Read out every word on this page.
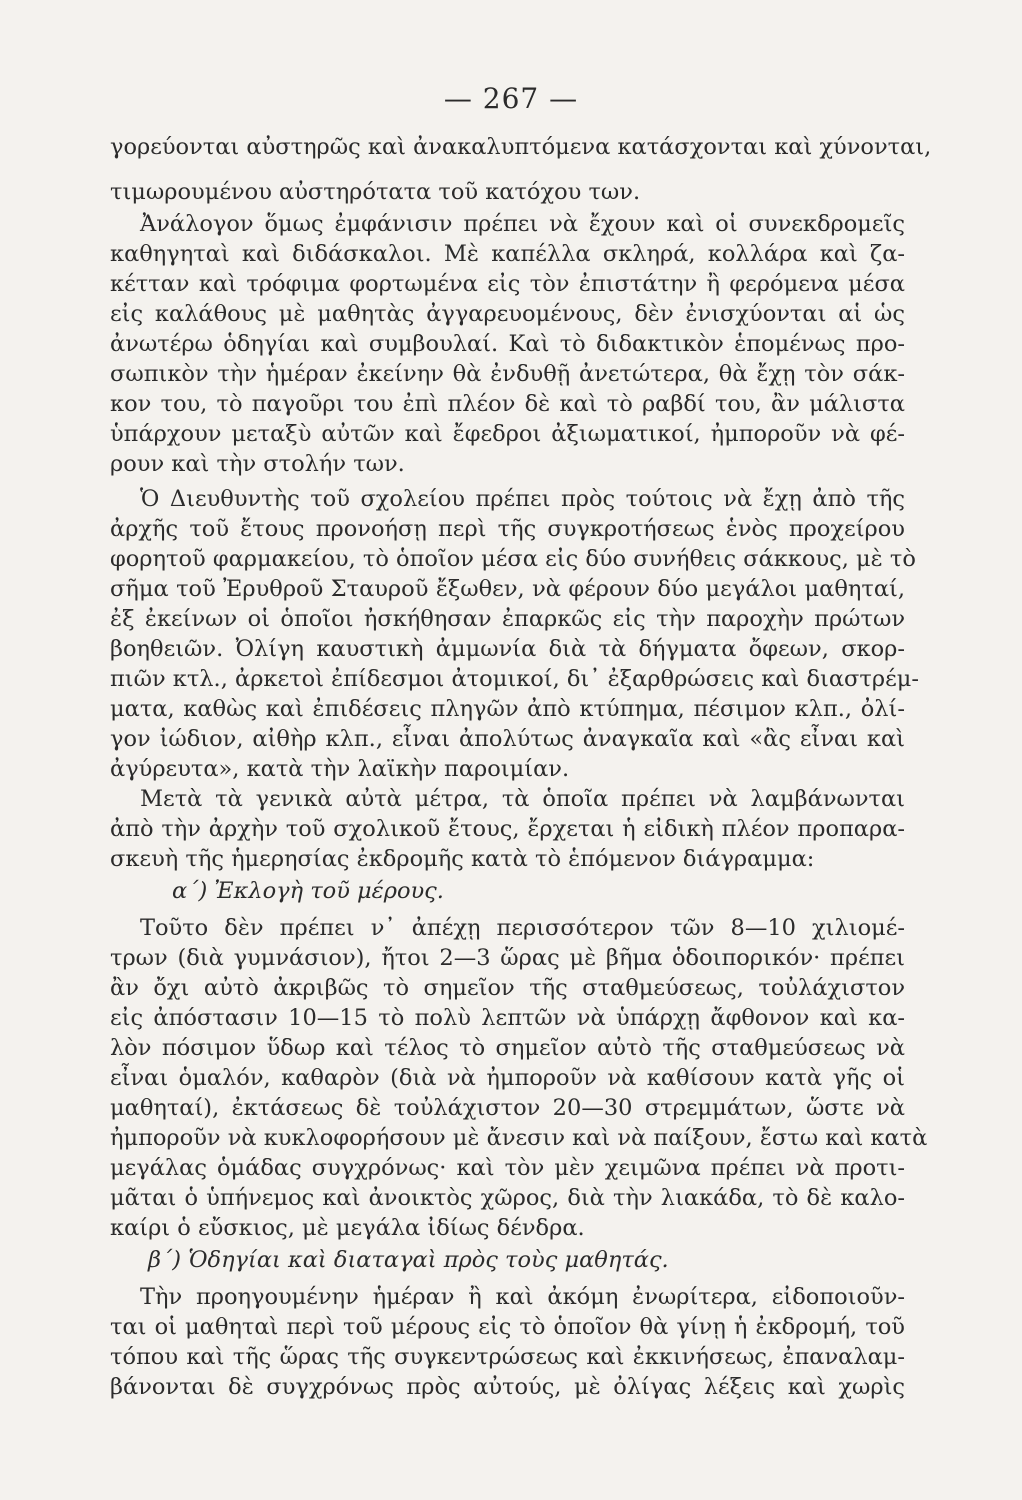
— 267 —
γορεύονται αὐστηρῶς καὶ ἀνακαλυπτόμενα κατάσχονται καὶ χύνονται,
τιμωρουμένου αὐστηρότατα τοῦ κατόχου των.
Ἀνάλογον ὅμως ἐμφάνισιν πρέπει νὰ ἔχουν καὶ οἱ συνεκδρομεῖς
καθηγηταὶ καὶ διδάσκαλοι. Μὲ καπέλλα σκληρά, κολλάρα καὶ ζα-
κέτταν καὶ τρόφιμα φορτωμένα εἰς τὸν ἐπιστάτην ἢ φερόμενα μέσα
εἰς καλάθους μὲ μαθητὰς ἀγγαρευομένους, δὲν ἐνισχύονται αἱ ὡς
ἀνωτέρω ὁδηγίαι καὶ συμβουλαί. Καὶ τὸ διδακτικὸν ἑπομένως προ-
σωπικὸν τὴν ἡμέραν ἐκείνην θὰ ἐνδυθῇ ἀνετώτερα, θὰ ἔχῃ τὸν σάκ-
κον του, τὸ παγοῦρι του ἐπὶ πλέον δὲ καὶ τὸ ραβδί του, ἂν μάλιστα
ὑπάρχουν μεταξὺ αὐτῶν καὶ ἔφεδροι ἀξιωματικοί, ἠμποροῦν νὰ φέ-
ρουν καὶ τὴν στολήν των.
Ὁ Διευθυντὴς τοῦ σχολείου πρέπει πρὸς τούτοις νὰ ἔχῃ ἀπὸ τῆς
ἀρχῆς τοῦ ἔτους προνοήσῃ περὶ τῆς συγκροτήσεως ἑνὸς προχείρου
φορητοῦ φαρμακείου, τὸ ὁποῖον μέσα εἰς δύο συνήθεις σάκκους, μὲ τὸ
σῆμα τοῦ Ἐρυθροῦ Σταυροῦ ἔξωθεν, νὰ φέρουν δύο μεγάλοι μαθηταί,
ἐξ ἐκείνων οἱ ὁποῖοι ἠσκήθησαν ἐπαρκῶς εἰς τὴν παροχὴν πρώτων
βοηθειῶν. Ὀλίγη καυστικὴ ἀμμωνία διὰ τὰ δήγματα ὄφεων, σκορ-
πιῶν κτλ., ἀρκετοὶ ἐπίδεσμοι ἀτομικοί, δι᾽ ἐξαρθρώσεις καὶ διαστρέμ-
ματα, καθὼς καὶ ἐπιδέσεις πληγῶν ἀπὸ κτύπημα, πέσιμον κλπ., ὀλί-
γον ἰώδιον, αἰθὴρ κλπ., εἶναι ἀπολύτως ἀναγκαῖα καὶ «ἂς εἶναι καὶ
ἀγύρευτα», κατὰ τὴν λαϊκὴν παροιμίαν.
Μετὰ τὰ γενικὰ αὐτὰ μέτρα, τὰ ὁποῖα πρέπει νὰ λαμβάνωνται
ἀπὸ τὴν ἀρχὴν τοῦ σχολικοῦ ἔτους, ἔρχεται ἡ εἰδικὴ πλέον προπαρα-
σκευὴ τῆς ἡμερησίας ἐκδρομῆς κατὰ τὸ ἑπόμενον διάγραμμα:
α´) Ἐκλογὴ τοῦ μέρους.
Τοῦτο δὲν πρέπει ν᾽ ἀπέχῃ περισσότερον τῶν 8—10 χιλιομέ-
τρων (διὰ γυμνάσιον), ἤτοι 2—3 ὥρας μὲ βῆμα ὁδοιπορικόν· πρέπει
ἂν ὄχι αὐτὸ ἀκριβῶς τὸ σημεῖον τῆς σταθμεύσεως, τοὐλάχιστον
εἰς ἀπόστασιν 10—15 τὸ πολὺ λεπτῶν νὰ ὑπάρχῃ ἄφθονον καὶ κα-
λὸν πόσιμον ὕδωρ καὶ τέλος τὸ σημεῖον αὐτὸ τῆς σταθμεύσεως νὰ
εἶναι ὁμαλόν, καθαρὸν (διὰ νὰ ἠμποροῦν νὰ καθίσουν κατὰ γῆς οἱ
μαθηταί), ἐκτάσεως δὲ τοὐλάχιστον 20—30 στρεμμάτων, ὥστε νὰ
ἠμποροῦν νὰ κυκλοφορήσουν μὲ ἄνεσιν καὶ νὰ παίξουν, ἔστω καὶ κατὰ
μεγάλας ὁμάδας συγχρόνως· καὶ τὸν μὲν χειμῶνα πρέπει νὰ προτι-
μᾶται ὁ ὑπήνεμος καὶ ἀνοικτὸς χῶρος, διὰ τὴν λιακάδα, τὸ δὲ καλο-
καίρι ὁ εὔσκιος, μὲ μεγάλα ἰδίως δένδρα.
β´) Ὁδηγίαι καὶ διαταγαὶ πρὸς τοὺς μαθητάς.
Τὴν προηγουμένην ἡμέραν ἢ καὶ ἀκόμη ἐνωρίτερα, εἰδοποιοῦν-
ται οἱ μαθηταὶ περὶ τοῦ μέρους εἰς τὸ ὁποῖον θὰ γίνῃ ἡ ἐκδρομή, τοῦ
τόπου καὶ τῆς ὥρας τῆς συγκεντρώσεως καὶ ἐκκινήσεως, ἐπαναλαμ-
βάνονται δὲ συγχρόνως πρὸς αὐτούς, μὲ ὀλίγας λέξεις καὶ χωρὶς
